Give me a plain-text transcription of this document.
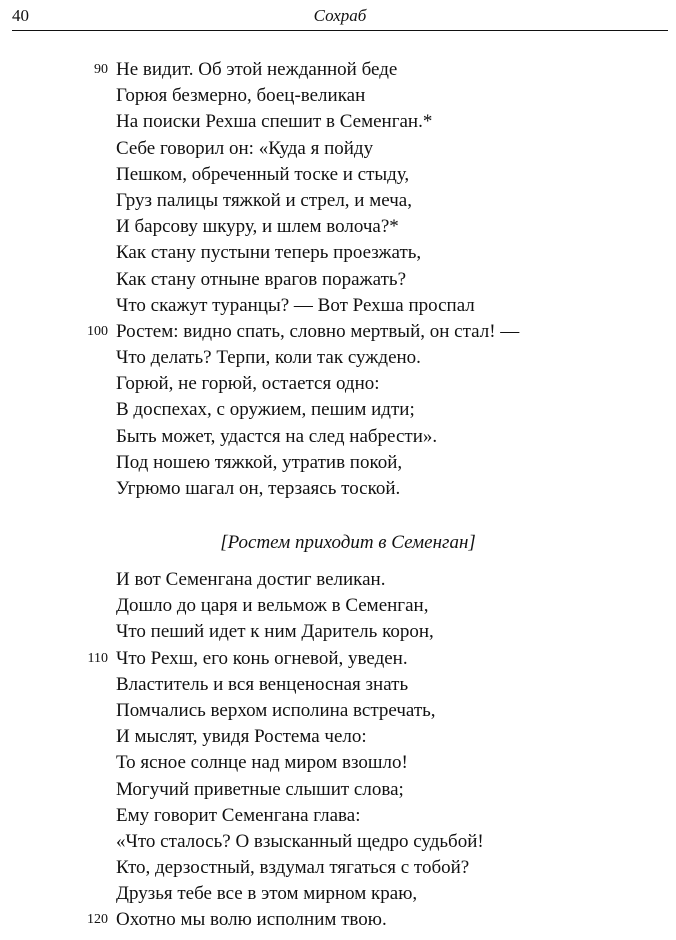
40	Сохраб
90 Не видит. Об этой нежданной беде
Горюя безмерно, боец-великан
На поиски Рехша спешит в Семенган.*
Себе говорил он: «Куда я пойду
Пешком, обреченный тоске и стыду,
Груз палицы тяжкой и стрел, и меча,
И барсову шкуру, и шлем волоча?*
Как стану пустыни теперь проезжать,
Как стану отныне врагов поражать?
Что скажут туранцы? — Вот Рехша проспал
100 Ростем: видно спать, словно мертвый, он стал! —
Что делать? Терпи, коли так суждено.
Горюй, не горюй, остается одно:
В доспехах, с оружием, пешим идти;
Быть может, удастся на след набрести».
Под ношею тяжкой, утратив покой,
Угрюмо шагал он, терзаясь тоской.
[Ростем приходит в Семенган]
И вот Семенгана достиг великан.
Дошло до царя и вельмож в Семенган,
Что пеший идет к ним Даритель корон,
110 Что Рехш, его конь огневой, уведен.
Властитель и вся венценосная знать
Помчались верхом исполина встречать,
И мыслят, увидя Ростема чело:
То ясное солнце над миром взошло!
Могучий приветные слышит слова;
Ему говорит Семенгана глава:
«Что сталось? О взысканный щедро судьбой!
Кто, дерзостный, вздумал тягаться с тобой?
Друзья тебе все в этом мирном краю,
120 Охотно мы волю исполним твою.
